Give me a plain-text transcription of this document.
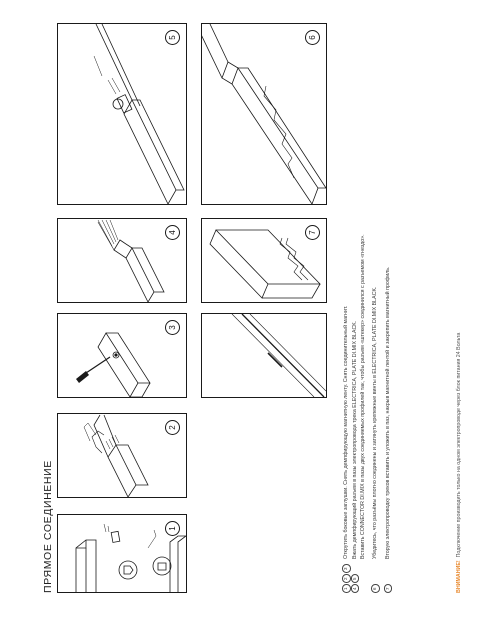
ПРЯМОЕ СОЕДИНЕНИЕ	1
2
3
4
5
7
6
1
2
3
Открутить боковые заглушки. Снять демпфирующую магнитную ленту. Снять соединительный магнит.
4
5
Вжать демпфирующий разъем в пазы электропровода трека ELECTRICA, PLATE DI.MIX BLACK. Вставить CONNECTOR DI.MIX в пазы двух соединяемых профилей так, чтобы разъем «штекер» соединился с разъемом «гнездо».
6
Убедитесь, что разъёмы плотно соединены и затянуть крепежные винты в ELECTRICA, PLATE DI.MIX BLACK.
7
Вторую электропроводку треков вставить и уложить в паз, накрыв магнитной лентой и закрепить магнитный профиль.
ВНИМАНИЕ!Подключение производить только на одном электропроводе через блок питания 24 Вольта
